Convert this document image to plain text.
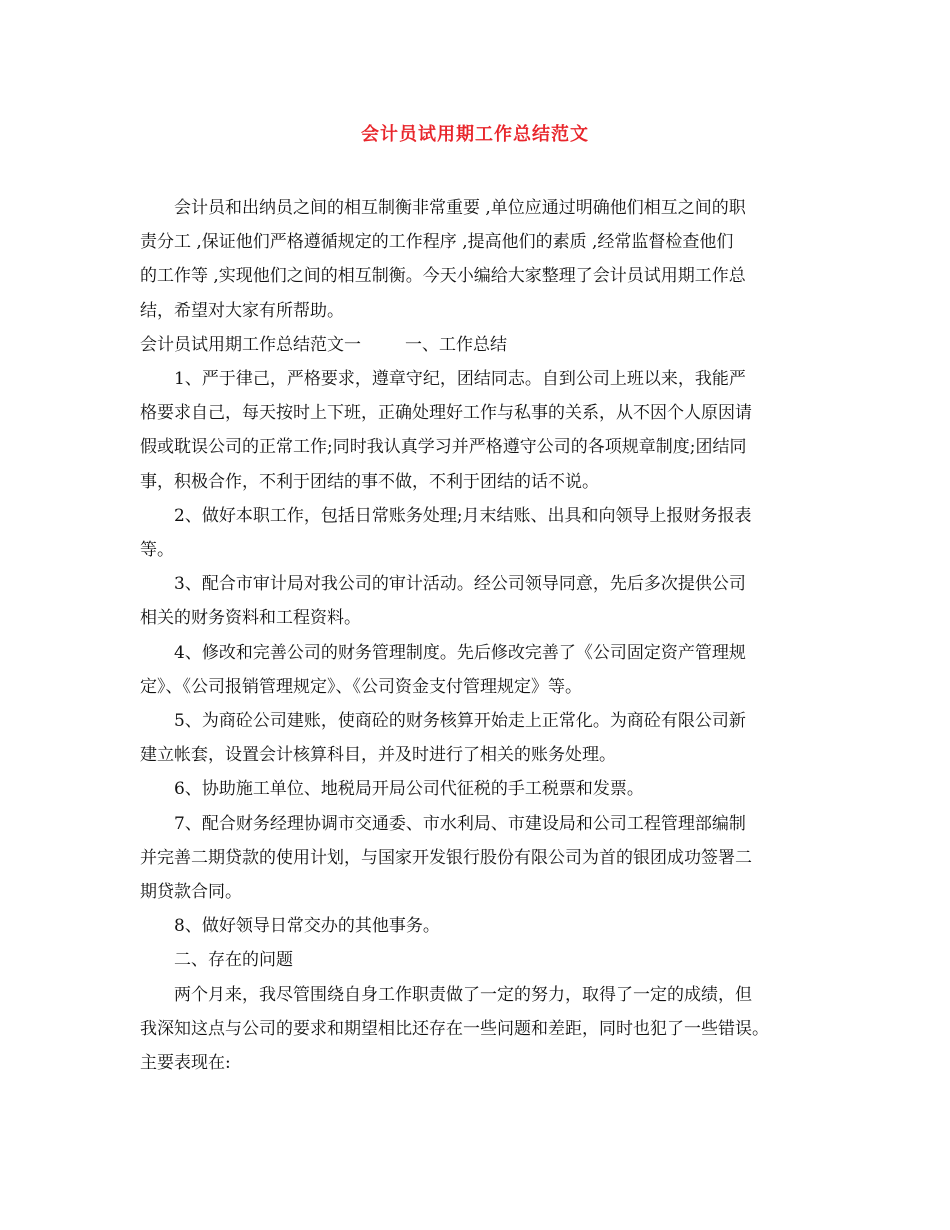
会计员试用期工作总结范文
会计员和出纳员之间的相互制衡非常重要 ,单位应通过明确他们相互之间的职
责分工 ,保证他们严格遵循规定的工作程序 ,提高他们的素质 ,经常监督检查他们
的工作等 ,实现他们之间的相互制衡。今天小编给大家整理了会计员试用期工作总
结，希望对大家有所帮助。
会计员试用期工作总结范文一	一、工作总结
1、严于律己，严格要求，遵章守纪，团结同志。自到公司上班以来，我能严
格要求自己，每天按时上下班，正确处理好工作与私事的关系，从不因个人原因请
假或耽误公司的正常工作;同时我认真学习并严格遵守公司的各项规章制度;团结同
事，积极合作，不利于团结的事不做，不利于团结的话不说。
2、做好本职工作，包括日常账务处理;月末结账、出具和向领导上报财务报表
等。
3、配合市审计局对我公司的审计活动。经公司领导同意，先后多次提供公司
相关的财务资料和工程资料。
4、修改和完善公司的财务管理制度。先后修改完善了《公司固定资产管理规
定》、《公司报销管理规定》、《公司资金支付管理规定》等。
5、为商砼公司建账，使商砼的财务核算开始走上正常化。为商砼有限公司新
建立帐套，设置会计核算科目，并及时进行了相关的账务处理。
6、协助施工单位、地税局开局公司代征税的手工税票和发票。
7、配合财务经理协调市交通委、市水利局、市建设局和公司工程管理部编制
并完善二期贷款的使用计划，与国家开发银行股份有限公司为首的银团成功签署二
期贷款合同。
8、做好领导日常交办的其他事务。
二、存在的问题
两个月来，我尽管围绕自身工作职责做了一定的努力，取得了一定的成绩，但
我深知这点与公司的要求和期望相比还存在一些问题和差距，同时也犯了一些错误。
主要表现在:
